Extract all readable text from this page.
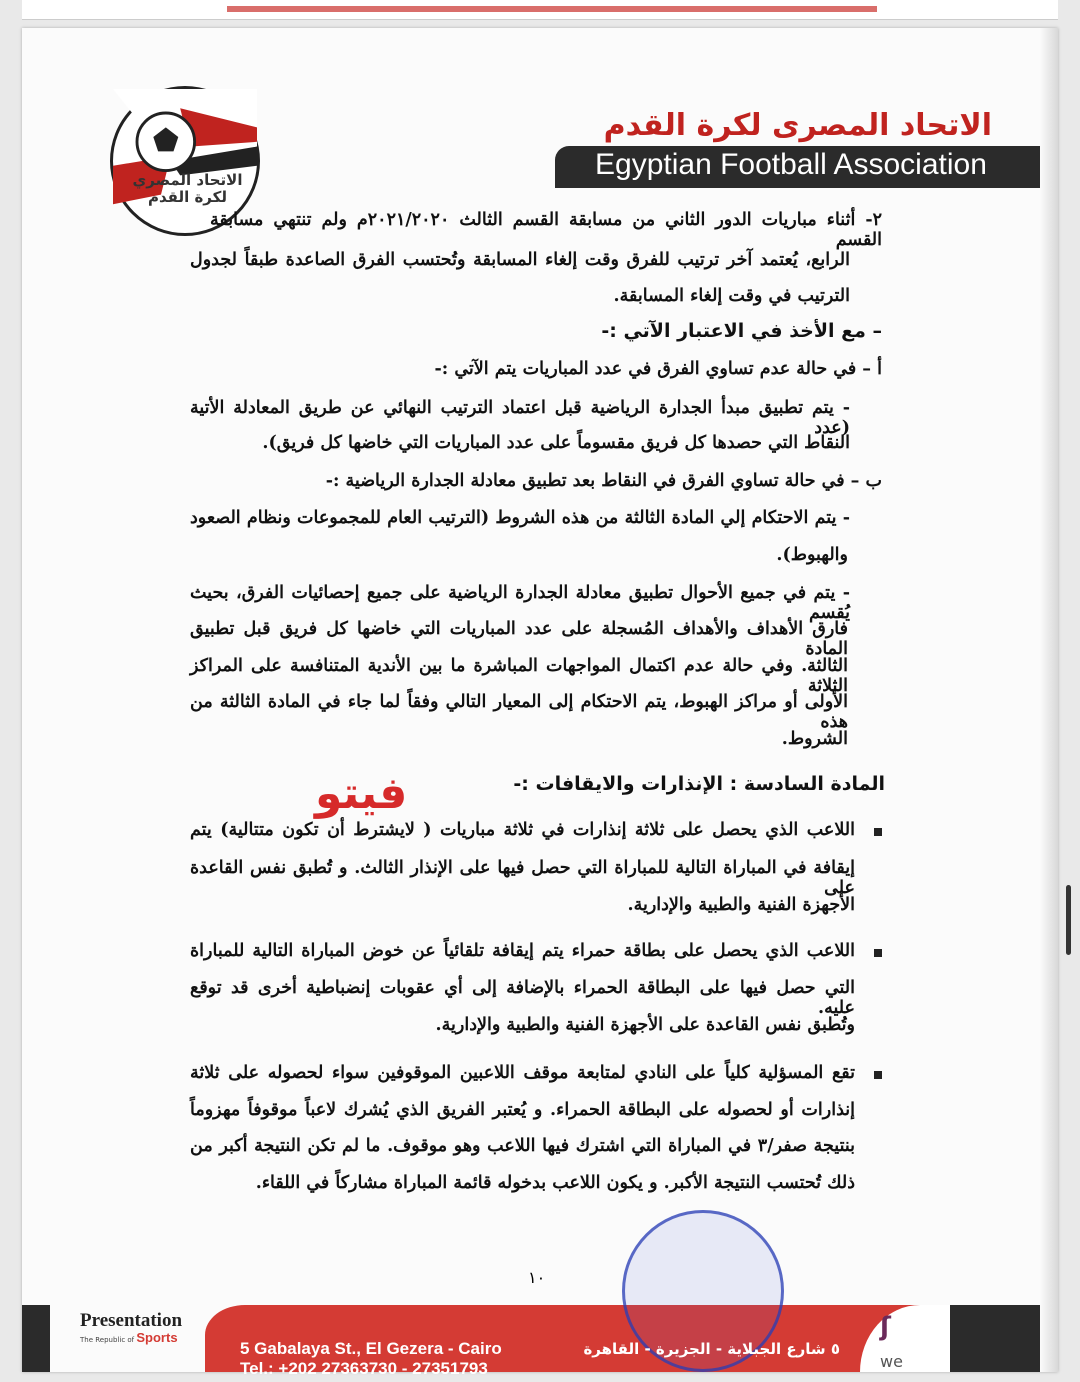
الاتحاد المصري لكرة القدم
الاتحاد المصرى لكرة القدم
Egyptian Football Association
٢- أثناء مباريات الدور الثاني من مسابقة القسم الثالث ٢٠٢١/٢٠٢٠م ولم تنتهي مسابقة القسم
الرابع، يُعتمد آخر ترتيب للفرق وقت إلغاء المسابقة وتُحتسب الفرق الصاعدة طبقاً لجدول
الترتيب في وقت إلغاء المسابقة.
– مع الأخذ في الاعتبار الآتي :-
أ – في حالة عدم تساوي الفرق في عدد المباريات يتم الآتي :-
- يتم تطبيق مبدأ الجدارة الرياضية قبل اعتماد الترتيب النهائي عن طريق المعادلة الأتية (عدد
النقاط التي حصدها كل فريق مقسوماً على عدد المباريات التي خاضها كل فريق).
ب – في حالة تساوي الفرق في النقاط بعد تطبيق معادلة الجدارة الرياضية :-
- يتم الاحتكام إلي المادة الثالثة من هذه الشروط (الترتيب العام للمجموعات ونظام الصعود
والهبوط).
- يتم في جميع الأحوال تطبيق معادلة الجدارة الرياضية على جميع إحصائيات الفرق، بحيث يُقسم
فارق الأهداف والأهداف المُسجلة على عدد المباريات التي خاضها كل فريق قبل تطبيق المادة
الثالثة. وفي حالة عدم اكتمال المواجهات المباشرة ما بين الأندية المتنافسة على المراكز الثلاثة
الأولى أو مراكز الهبوط، يتم الاحتكام إلى المعيار التالي وفقاً لما جاء في المادة الثالثة من هذه
الشروط.
المادة السادسة : الإنذارات والايقافات :-
فيتو
اللاعب الذي يحصل على ثلاثة إنذارات في ثلاثة مباريات ( لايشترط أن تكون متتالية) يتم
إيقافة في المباراة التالية للمباراة التي حصل فيها على الإنذار الثالث. و تُطبق نفس القاعدة على
الأجهزة الفنية والطبية والإدارية.
اللاعب الذي يحصل على بطاقة حمراء يتم إيقافة تلقائياً عن خوض المباراة التالية للمباراة
التي حصل فيها على البطاقة الحمراء بالإضافة إلى أي عقوبات إنضباطية أخرى قد توقع عليه.
وتُطبق نفس القاعدة على الأجهزة الفنية والطبية والإدارية.
تقع المسؤلية كلياً على النادي لمتابعة موقف اللاعبين الموقوفين سواء لحصوله على ثلاثة
إنذارات أو لحصوله على البطاقة الحمراء. و يُعتبر الفريق الذي يُشرك لاعباً موقوفاً مهزوماً
بنتيجة صفر/٣ في المباراة التي اشترك فيها اللاعب وهو موقوف. ما لم تكن النتيجة أكبر من
ذلك تُحتسب النتيجة الأكبر. و يكون اللاعب بدخوله قائمة المباراة مشاركاً في اللقاء.
١٠
5 Gabalaya St., El Gezera - Cairo
Tel.: +202 27363730 - 27351793
٥ شارع الجبلاية - الجزيرة - القاهرة
Presentation
The Republic of Sports	ʃ
we
